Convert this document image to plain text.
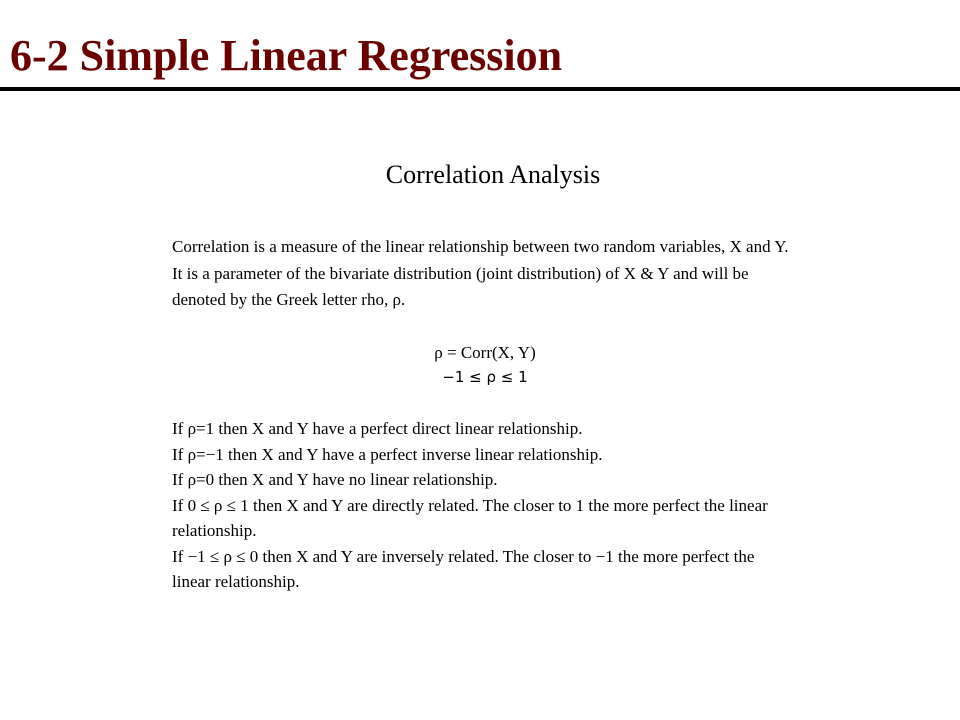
6-2 Simple Linear Regression
Correlation Analysis

Correlation is a measure of the linear relationship between two random variables, X and Y. It is a parameter of the bivariate distribution (joint distribution) of X & Y and will be denoted by the Greek letter rho, ρ.

ρ = Corr(X, Y)
−1 ≤ ρ ≤ 1
If ρ=1 then X and Y have a perfect direct linear relationship.
If ρ=−1 then X and Y have a perfect inverse linear relationship.
If ρ=0 then X and Y have no linear relationship.
If 0 ≤ ρ ≤ 1 then X and Y are directly related. The closer to 1 the more perfect the linear relationship.
If −1 ≤ ρ ≤ 0 then X and Y are inversely related. The closer to −1 the more perfect the linear relationship.
